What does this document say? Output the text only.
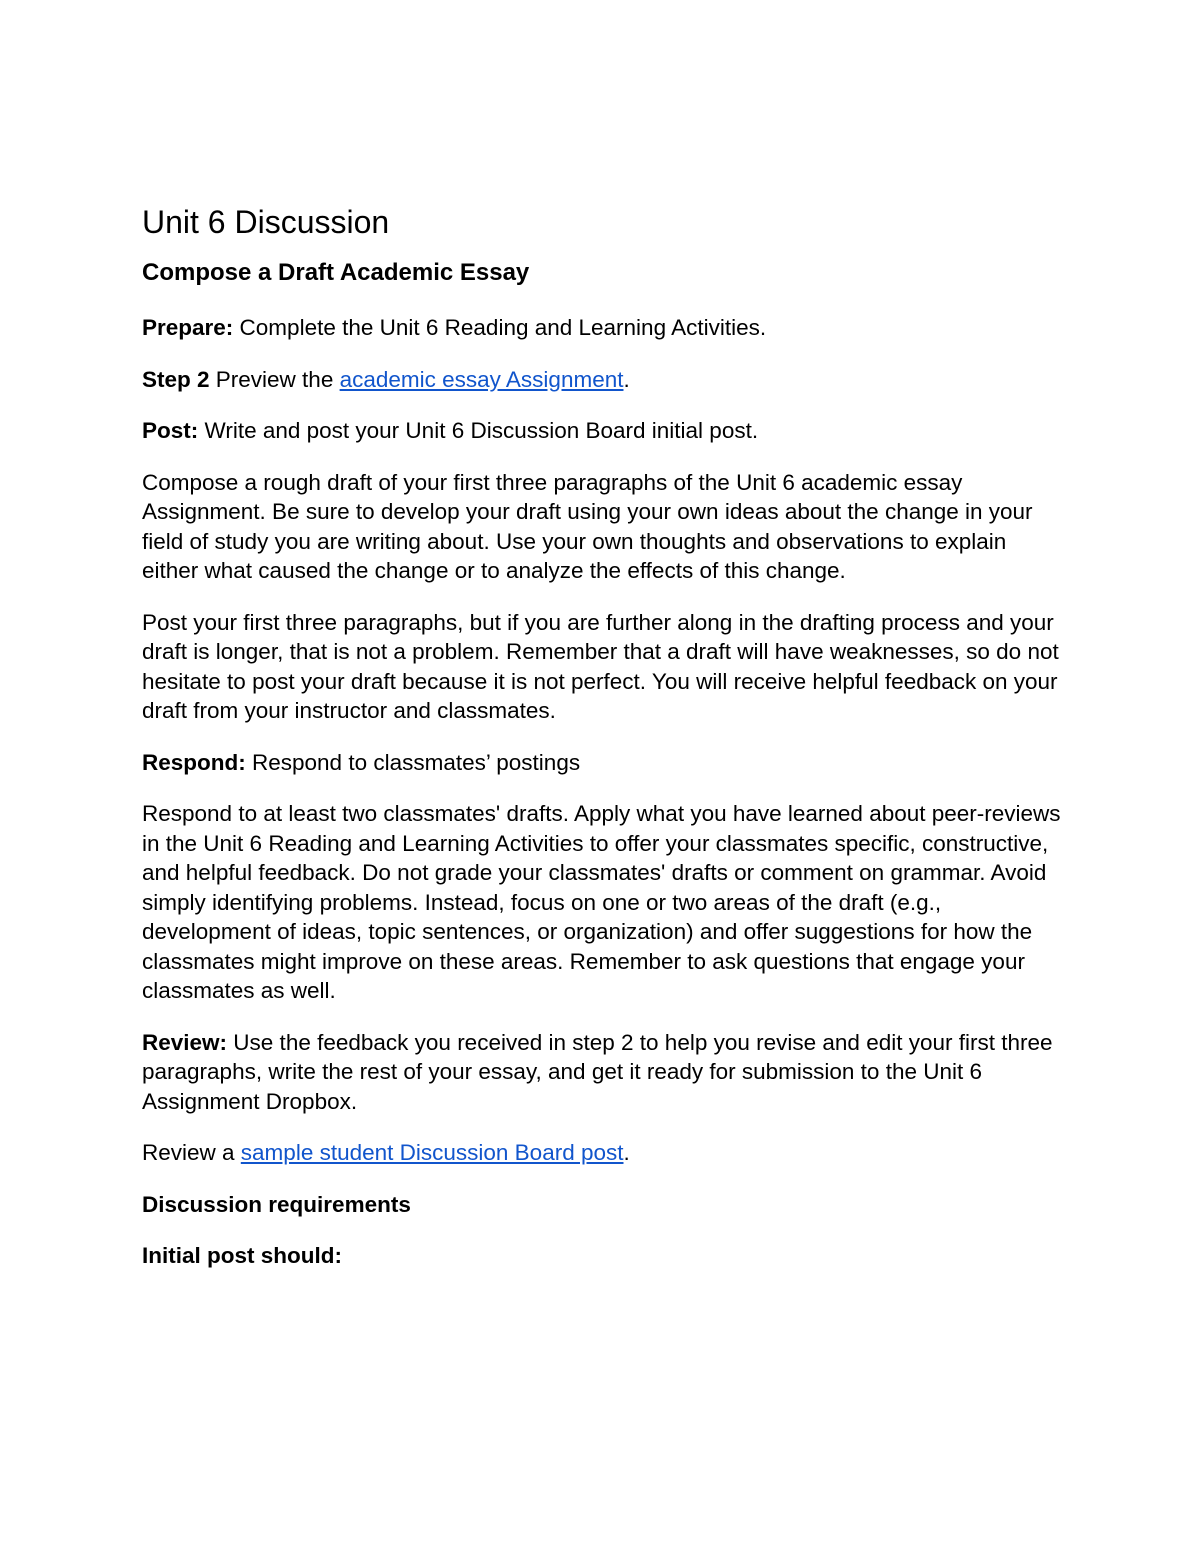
Unit 6 Discussion
Compose a Draft Academic Essay

Prepare: Complete the Unit 6 Reading and Learning Activities.

Step 2 Preview the academic essay Assignment.

Post: Write and post your Unit 6 Discussion Board initial post.

Compose a rough draft of your first three paragraphs of the Unit 6 academic essay Assignment. Be sure to develop your draft using your own ideas about the change in your field of study you are writing about. Use your own thoughts and observations to explain either what caused the change or to analyze the effects of this change.

Post your first three paragraphs, but if you are further along in the drafting process and your draft is longer, that is not a problem. Remember that a draft will have weaknesses, so do not hesitate to post your draft because it is not perfect. You will receive helpful feedback on your draft from your instructor and classmates.

Respond: Respond to classmates’ postings

Respond to at least two classmates' drafts. Apply what you have learned about peer-reviews in the Unit 6 Reading and Learning Activities to offer your classmates specific, constructive, and helpful feedback. Do not grade your classmates' drafts or comment on grammar. Avoid simply identifying problems. Instead, focus on one or two areas of the draft (e.g., development of ideas, topic sentences, or organization) and offer suggestions for how the classmates might improve on these areas. Remember to ask questions that engage your classmates as well.

Review: Use the feedback you received in step 2 to help you revise and edit your first three paragraphs, write the rest of your essay, and get it ready for submission to the Unit 6 Assignment Dropbox.

Review a sample student Discussion Board post.

Discussion requirements

Initial post should:
